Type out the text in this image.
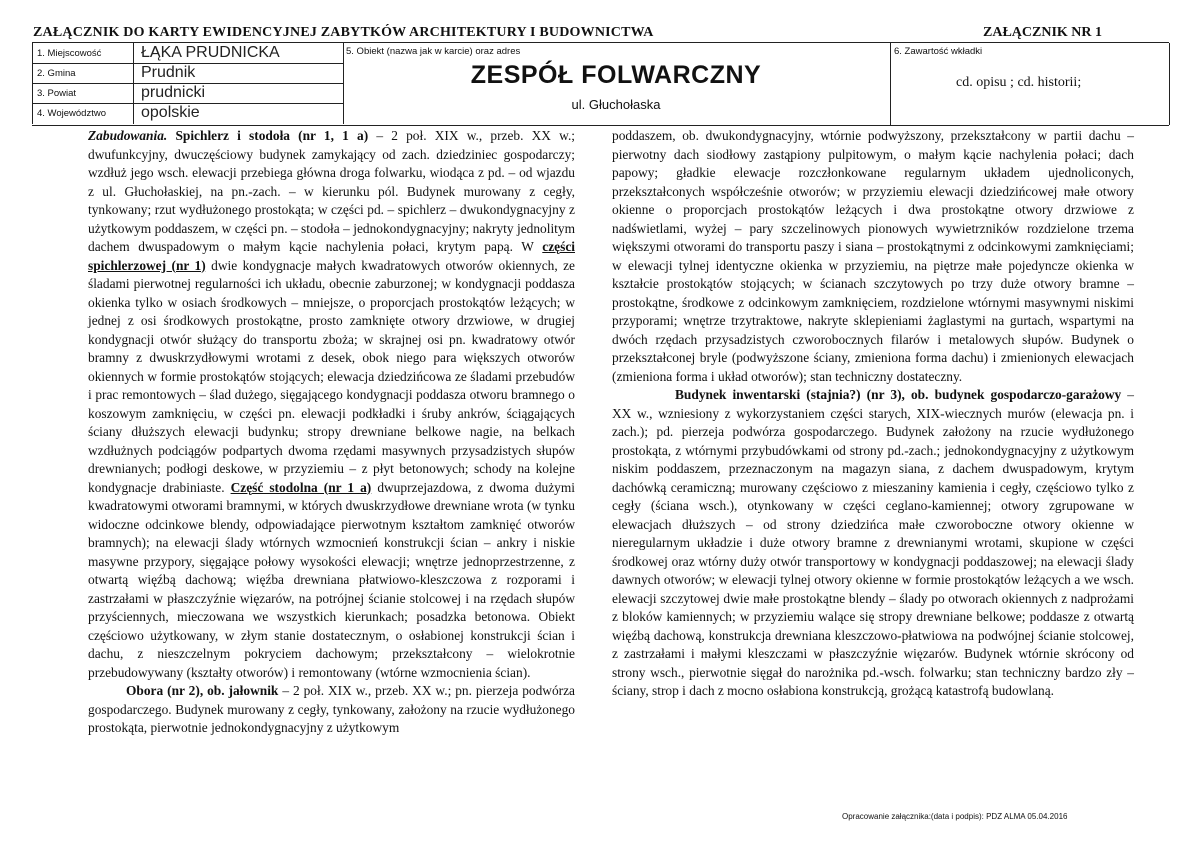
ZAŁĄCZNIK DO KARTY EWIDENCYJNEJ ZABYTKÓW ARCHITEKTURY I BUDOWNICTWA	ZAŁĄCZNIK NR 1
1. Miejscowość ŁĄKA PRUDNICKA
2. Gmina	Prudnik
3. Powiat	prudnicki
4. Województwo opolskie
5. Obiekt (nazwa jak w karcie) oraz adres
ZESPÓŁ FOLWARCZNY
ul. Głuchołaska
6. Zawartość wkładki
cd. opisu ; cd. historii;

Zabudowania. Spichlerz i stodoła (nr 1, 1 a) – 2 poł. XIX w., przeb. XX w.; dwufunkcyjny, dwuczęściowy budynek zamykający od zach. dziedziniec gospodarczy; wzdłuż jego wsch. elewacji przebiega główna droga folwarku, wiodąca z pd. – od wjazdu z ul. Głuchołaskiej, na pn.-zach. – w kierunku pól. Budynek murowany z cegły, tynkowany; rzut wydłużonego prostokąta; w części pd. – spichlerz – dwukondygnacyjny z użytkowym poddaszem, w części pn. – stodoła – jednokondygnacyjny; nakryty jednolitym dachem dwuspadowym o małym kącie nachylenia połaci, krytym papą. W części spichlerzowej (nr 1) dwie kondygnacje małych kwadratowych otworów okiennych, ze śladami pierwotnej regularności ich układu, obecnie zaburzonej; w kondygnacji poddasza okienka tylko w osiach środkowych – mniejsze, o proporcjach prostokątów leżących; w jednej z osi środkowych prostokątne, prosto zamknięte otwory drzwiowe, w drugiej kondygnacji otwór służący do transportu zboża; w skrajnej osi pn. kwadratowy otwór bramny z dwuskrzydłowymi wrotami z desek, obok niego para większych otworów okiennych w formie prostokątów stojących; elewacja dziedzińcowa ze śladami przebudów i prac remontowych – ślad dużego, sięgającego kondygnacji poddasza otworu bramnego o koszowym zamknięciu, w części pn. elewacji podkładki i śruby ankrów, ściągających ściany dłuższych elewacji budynku; stropy drewniane belkowe nagie, na belkach wzdłużnych podciągów podpartych dwoma rzędami masywnych przysadzistych słupów drewnianych; podłogi deskowe, w przyziemiu – z płyt betonowych; schody na kolejne kondygnacje drabiniaste. Część stodolna (nr 1 a) dwuprzejazdowa, z dwoma dużymi kwadratowymi otworami bramnymi, w których dwuskrzydłowe drewniane wrota (w tynku widoczne odcinkowe blendy, odpowiadające pierwotnym kształtom zamknięć otworów bramnych); na elewacji ślady wtórnych wzmocnień konstrukcji ścian – ankry i niskie masywne przypory, sięgające połowy wysokości elewacji; wnętrze jednoprzestrzenne, z otwartą więźbą dachową; więźba drewniana płatwiowo-kleszczowa z rozporami i zastrzałami w płaszczyźnie więzarów, na potrójnej ścianie stolcowej i na rzędach słupów przyściennych, mieczowana we wszystkich kierunkach; posadzka betonowa. Obiekt częściowo użytkowany, w złym stanie dostatecznym, o osłabionej konstrukcji ścian i dachu, z nieszczelnym pokryciem dachowym; przekształcony – wielokrotnie przebudowywany (kształty otworów) i remontowany (wtórne wzmocnienia ścian).

Obora (nr 2), ob. jałownik – 2 poł. XIX w., przeb. XX w.; pn. pierzeja podwórza gospodarczego. Budynek murowany z cegły, tynkowany, założony na rzucie wydłużonego prostokąta, pierwotnie jednokondygnacyjny z użytkowym

poddaszem, ob. dwukondygnacyjny, wtórnie podwyższony, przekształcony w partii dachu – pierwotny dach siodłowy zastąpiony pulpitowym, o małym kącie nachylenia połaci; dach papowy; gładkie elewacje rozczłonkowane regularnym układem ujednoliconych, przekształconych współcześnie otworów; w przyziemiu elewacji dziedzińcowej małe otwory okienne o proporcjach prostokątów leżących i dwa prostokątne otwory drzwiowe z nadświetlami, wyżej – pary szczelinowych pionowych wywietrzników rozdzielone trzema większymi otworami do transportu paszy i siana – prostokątnymi z odcinkowymi zamknięciami; w elewacji tylnej identyczne okienka w przyziemiu, na piętrze małe pojedyncze okienka w kształcie prostokątów stojących; w ścianach szczytowych po trzy duże otwory bramne – prostokątne, środkowe z odcinkowym zamknięciem, rozdzielone wtórnymi masywnymi niskimi przyporami; wnętrze trzytraktowe, nakryte sklepieniami żaglastymi na gurtach, wspartymi na dwóch rzędach przysadzistych czworobocznych filarów i metalowych słupów. Budynek o przekształconej bryle (podwyższone ściany, zmieniona forma dachu) i zmienionych elewacjach (zmieniona forma i układ otworów); stan techniczny dostateczny.

Budynek inwentarski (stajnia?) (nr 3), ob. budynek gospodarczo-garażowy – XX w., wzniesiony z wykorzystaniem części starych, XIX-wiecznych murów (elewacja pn. i zach.); pd. pierzeja podwórza gospodarczego. Budynek założony na rzucie wydłużonego prostokąta, z wtórnymi przybudówkami od strony pd.-zach.; jednokondygnacyjny z użytkowym niskim poddaszem, przeznaczonym na magazyn siana, z dachem dwuspadowym, krytym dachówką ceramiczną; murowany częściowo z mieszaniny kamienia i cegły, częściowo tylko z cegły (ściana wsch.), otynkowany w części ceglano-kamiennej; otwory zgrupowane w elewacjach dłuższych – od strony dziedzińca małe czworoboczne otwory okienne w nieregularnym układzie i duże otwory bramne z drewnianymi wrotami, skupione w części środkowej oraz wtórny duży otwór transportowy w kondygnacji poddaszowej; na elewacji ślady dawnych otworów; w elewacji tylnej otwory okienne w formie prostokątów leżących a we wsch. elewacji szczytowej dwie małe prostokątne blendy – ślady po otworach okiennych z nadprożami z bloków kamiennych; w przyziemiu walące się stropy drewniane belkowe; poddasze z otwartą więźbą dachową, konstrukcja drewniana kleszczowo-płatwiowa na podwójnej ścianie stolcowej, z zastrzałami i małymi kleszczami w płaszczyźnie więzarów. Budynek wtórnie skrócony od strony wsch., pierwotnie sięgał do narożnika pd.-wsch. folwarku; stan techniczny bardzo zły – ściany, strop i dach z mocno osłabiona konstrukcją, grożącą katastrofą budowlaną.

Opracowanie załącznika:(data i podpis): PDZ ALMA 05.04.2016
